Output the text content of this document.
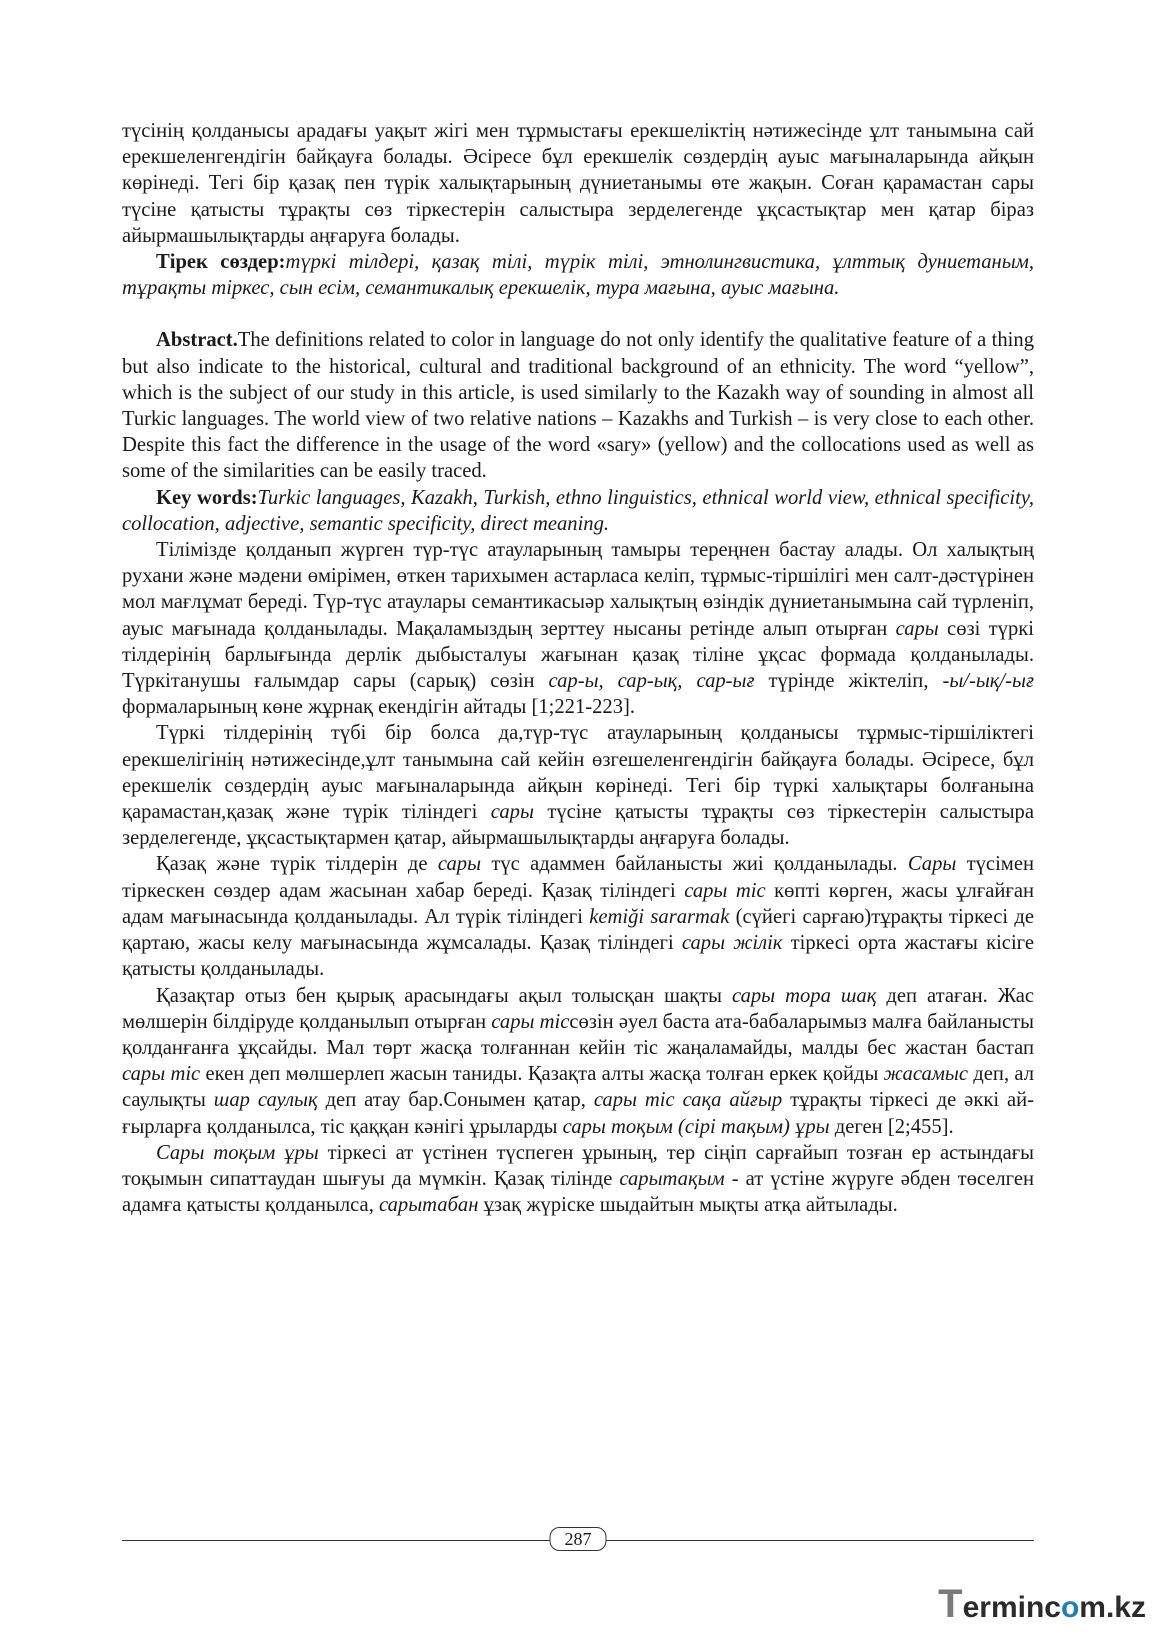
түсінің қолданысы арадағы уақыт жігі мен тұрмыстағы ерекшеліктің нәтижесінде ұлт танымына сай ерекшеленгендігін байқауға болады. Әсіресе бұл ерекшелік сөздердің ауыс мағыналарында айқын көрінеді. Тегі бір қазақ пен түрік халықтарының дүниетанымы өте жақын. Соған қарамастан сары түсіне қатысты тұрақты сөз тіркестерін салыстыра зерделегенде ұқсастықтар мен қатар біраз айырмашылықтарды аңғаруға болады.

Тірек сөздер:түркі тілдері, қазақ тілі, түрік тілі, этнолингвистика, ұлттық дуниетаным, тұрақты тіркес, сын есім, семантикалық ерекшелік, тура мағына, ауыс мағына.

Abstract.The definitions related to color in language do not only identify the qualitative feature of a thing but also indicate to the historical, cultural and traditional background of an ethnicity. The word “yellow”, which is the subject of our study in this article, is used similarly to the Kazakh way of sounding in almost all Turkic languages. The world view of two relative nations – Kazakhs and Turkish – is very close to each other. Despite this fact the difference in the usage of the word «sary» (yellow) and the collocations used as well as some of the similarities can be easily traced.

Key words:Turkic languages, Kazakh, Turkish, ethno linguistics, ethnical world view, ethnical specificity, collocation, adjective, semantic specificity, direct meaning.

Тілімізде қолданып жүрген түр-түс атауларының тамыры тереңнен бастау алады. Ол халықтың рухани және мәдени өмірімен, өткен тарихымен астарласа келіп, тұрмыс-тіршілігі мен салт-дәстүрінен мол мағлұмат береді. Түр-түс атаулары семантикасыәр халықтың өзіндік дүниетанымына сай түрленіп, ауыс мағынада қолданылады. Мақаламыздың зерттеу нысаны ретінде алып отырған сары сөзі түркі тілдерінің барлығында дерлік дыбысталуы жағынан қазақ тіліне ұқсас формада қолданылады. Түркітанушы ғалымдар сары (сарық) сөзін сар-ы, сар-ық, сар-ығ түрінде жіктеліп, -ы/-ық/-ығ формаларының көне жұрнақ екендігін айтады [1;221-223].

Түркі тілдерінің түбі бір болса да,түр-түс атауларының қолданысы тұрмыс-тіршіліктегі ерекшелігінің нәтижесінде,ұлт танымына сай кейін өзгешеленгендігін байқауға болады. Әсіресе, бұл ерекшелік сөздердің ауыс мағыналарында айқын көрінеді. Тегі бір түркі халықтары болғанына қарамастан,қазақ және түрік тіліндегі сары түсіне қатысты тұрақты сөз тіркестерін салыстыра зерделегенде, ұқсастықтармен қатар, айырмашылықтарды аңғаруға болады.

Қазақ және түрік тілдерін де сары түс адаммен байланысты жиі қолданылады. Сары түсімен тіркескен сөздер адам жасынан хабар береді. Қазақ тіліндегі сары тіс көпті көрген, жасы ұлғайған адам мағынасында қолданылады. Ал түрік тіліндегі kemiği sararmak (сүйегі сарғаю)тұрақты тіркесі де қартаю, жасы келу мағынасында жұмсалады. Қазақ тіліндегі сары жілік тіркесі орта жастағы кісіге қатысты қолданылады.

Қазақтар отыз бен қырық арасындағы ақыл толысқан шақты сары тора шақ деп атаған. Жас мөлшерін білдіруде қолданылып отырған сары тіссөзін әуел баста ата-бабаларымыз малға байланысты қолданғанға ұқсайды. Мал төрт жасқа толғаннан кейін тіс жаңаламайды, малды бес жастан бастап сары тіс екен деп мөлшерлеп жасын таниды. Қазақта алты жасқа толған еркек қойды жасамыс деп, ал саулықты шар саулық деп атау бар.Сонымен қатар, сары тіс сақа айғыр тұрақты тіркесі де әккі айғырларға қолданылса, тіс қаққан кәнігі ұрыларды сары тоқым (сірі тақым) ұры деген [2;455].

Сары тоқым ұры тіркесі ат үстінен түспеген ұрының, тер сіңіп сарғайып тозған ер астындағы тоқымын сипаттаудан шығуы да мүмкін. Қазақ тілінде сарытақым - ат үстіне жүруге әбден төселген адамға қатысты қолданылса, сарытабан ұзақ жүріске шыдайтын мықты атқа айтылады.

287
Termincom.kz
